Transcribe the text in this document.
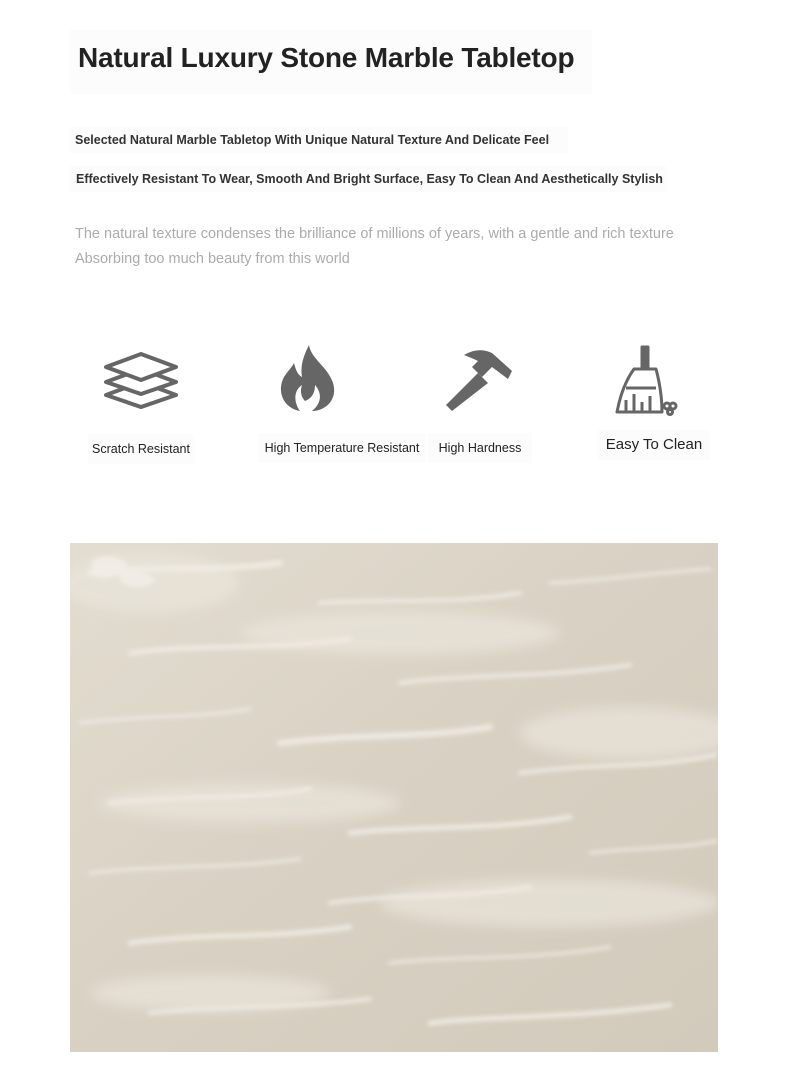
Natural Luxury Stone Marble Tabletop
Selected Natural Marble Tabletop With Unique Natural Texture And Delicate Feel
Effectively Resistant To Wear, Smooth And Bright Surface, Easy To Clean And Aesthetically Stylish

The natural texture condenses the brilliance of millions of years, with a gentle and rich texture

Absorbing too much beauty from this world

Scratch Resistant	High Temperature Resistant	High Hardness	Easy To Clean
